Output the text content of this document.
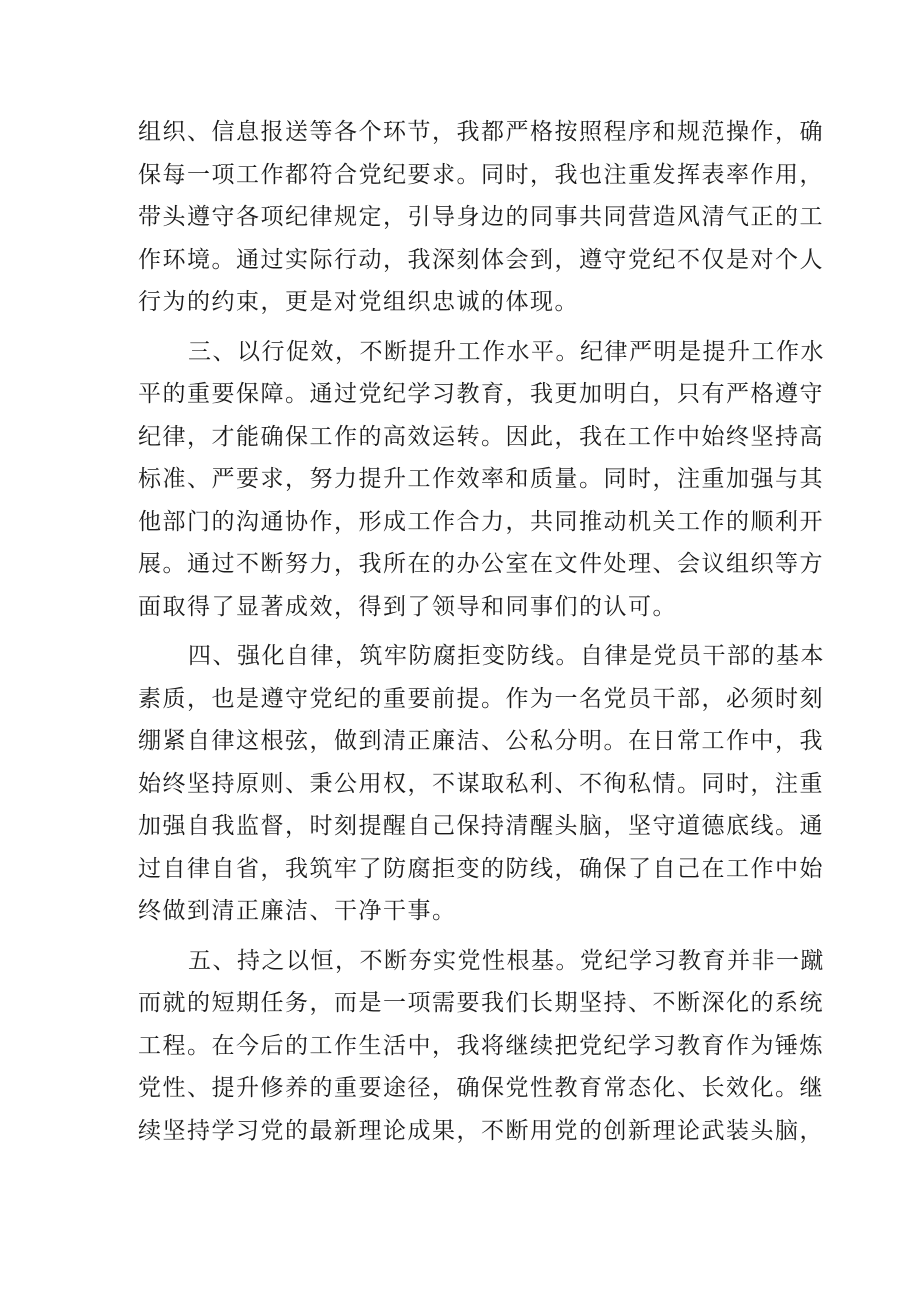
组织、信息报送等各个环节，我都严格按照程序和规范操作，确
保每一项工作都符合党纪要求。同时，我也注重发挥表率作用，
带头遵守各项纪律规定，引导身边的同事共同营造风清气正的工
作环境。通过实际行动，我深刻体会到，遵守党纪不仅是对个人
行为的约束，更是对党组织忠诚的体现。

三、以行促效，不断提升工作水平。纪律严明是提升工作水
平的重要保障。通过党纪学习教育，我更加明白，只有严格遵守
纪律，才能确保工作的高效运转。因此，我在工作中始终坚持高
标准、严要求，努力提升工作效率和质量。同时，注重加强与其
他部门的沟通协作，形成工作合力，共同推动机关工作的顺利开
展。通过不断努力，我所在的办公室在文件处理、会议组织等方
面取得了显著成效，得到了领导和同事们的认可。

四、强化自律，筑牢防腐拒变防线。自律是党员干部的基本
素质，也是遵守党纪的重要前提。作为一名党员干部，必须时刻
绷紧自律这根弦，做到清正廉洁、公私分明。在日常工作中，我
始终坚持原则、秉公用权，不谋取私利、不徇私情。同时，注重
加强自我监督，时刻提醒自己保持清醒头脑，坚守道德底线。通
过自律自省，我筑牢了防腐拒变的防线，确保了自己在工作中始
终做到清正廉洁、干净干事。

五、持之以恒，不断夯实党性根基。党纪学习教育并非一蹴
而就的短期任务，而是一项需要我们长期坚持、不断深化的系统
工程。在今后的工作生活中，我将继续把党纪学习教育作为锤炼
党性、提升修养的重要途径，确保党性教育常态化、长效化。继
续坚持学习党的最新理论成果，不断用党的创新理论武装头脑，
